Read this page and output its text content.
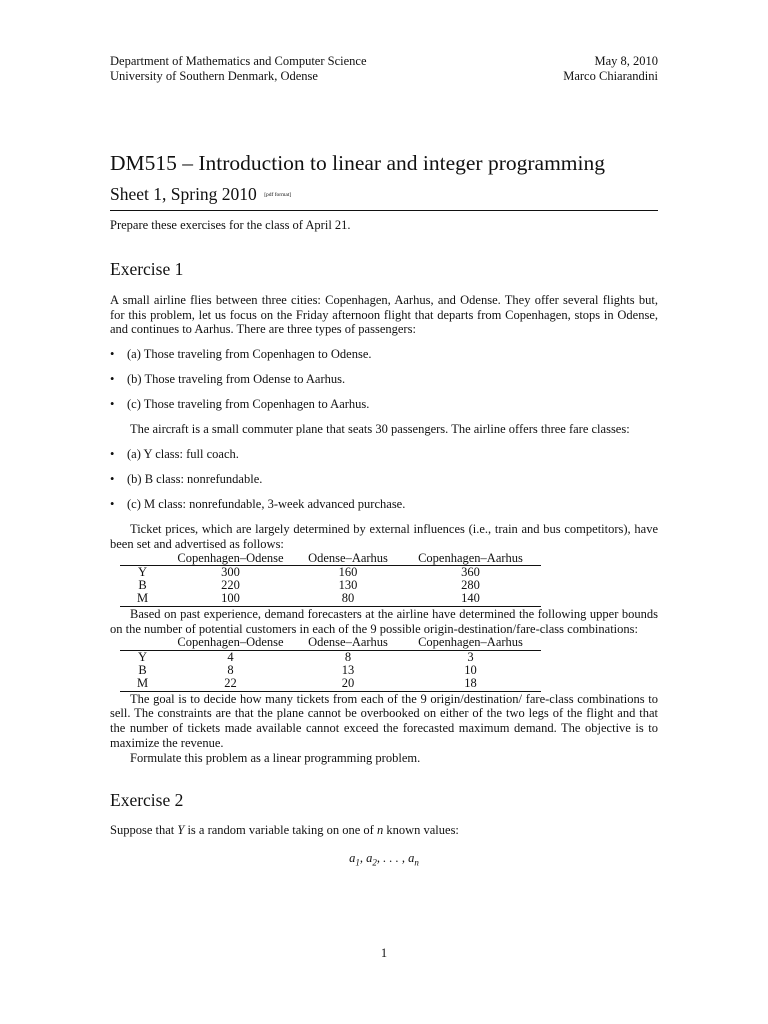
Department of Mathematics and Computer Science
University of Southern Denmark, Odense
May 8, 2010
Marco Chiarandini
DM515 – Introduction to linear and integer programming
Sheet 1, Spring 2010 [pdf format]
Prepare these exercises for the class of April 21.
Exercise 1
A small airline flies between three cities: Copenhagen, Aarhus, and Odense. They offer several flights but, for this problem, let us focus on the Friday afternoon flight that departs from Copenhagen, stops in Odense, and continues to Aarhus. There are three types of passengers:
• (a) Those traveling from Copenhagen to Odense.
• (b) Those traveling from Odense to Aarhus.
• (c) Those traveling from Copenhagen to Aarhus.
The aircraft is a small commuter plane that seats 30 passengers. The airline offers three fare classes:
• (a) Y class: full coach.
• (b) B class: nonrefundable.
• (c) M class: nonrefundable, 3-week advanced purchase.
Ticket prices, which are largely determined by external influences (i.e., train and bus competitors), have been set and advertised as follows:
	Copenhagen–Odense	Odense–Aarhus	Copenhagen–Aarhus
Y	300	160	360
B	220	130	280
M	100	80	140
Based on past experience, demand forecasters at the airline have determined the following upper bounds on the number of potential customers in each of the 9 possible origin-destination/fare-class combinations:
	Copenhagen–Odense	Odense–Aarhus	Copenhagen–Aarhus
Y	4	8	3
B	8	13	10
M	22	20	18
The goal is to decide how many tickets from each of the 9 origin/destination/ fare-class combinations to sell. The constraints are that the plane cannot be overbooked on either of the two legs of the flight and that the number of tickets made available cannot exceed the forecasted maximum demand. The objective is to maximize the revenue.
Formulate this problem as a linear programming problem.
Exercise 2
Suppose that Y is a random variable taking on one of n known values:
$a_1$, $a_2$, . . . , $a_n$
1
